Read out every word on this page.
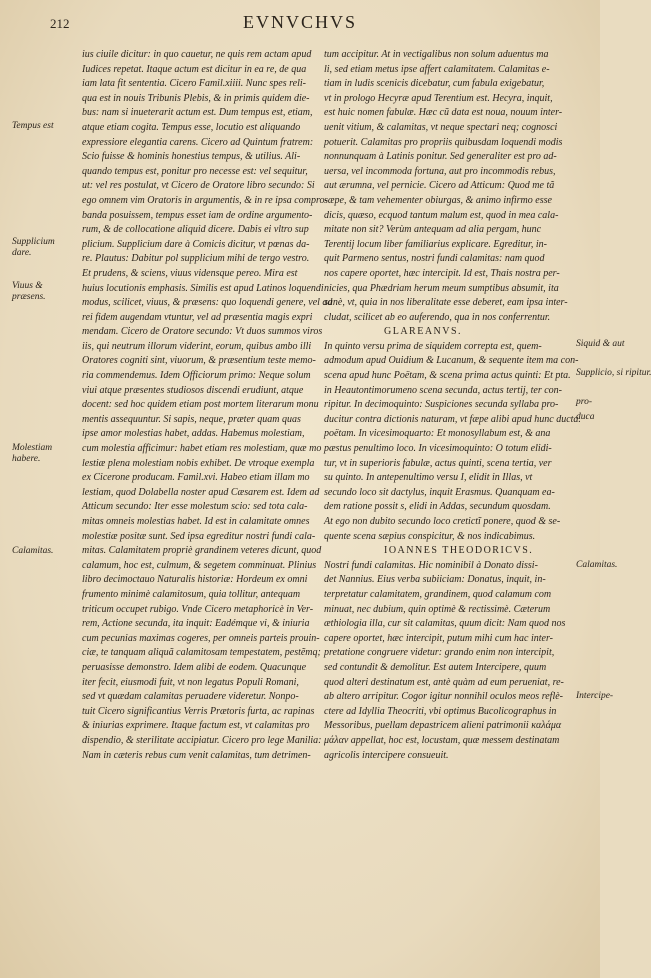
212	EVNVCHVS
Tempus est
Supplicium dare.
Viuus & præsens.
Molestiam habere.
Calamitas.
Siquid & aut
Supplicio, si ripitur.
pro-
duca
Calamitas.
Intercipe-
ius ciuile dicitur: in quo cauetur, ne quis rem actam apud
Iudices repetat. Itaque actum est dicitur in ea re, de qua
iam lata fit sententia. Cicero Famil.xiiii. Nunc spes reli-
qua est in nouis Tribunis Plebis, & in primis quidem die-
bus: nam si inueterarit actum est. Dum tempus est, etiam,
atque etiam cogita. Tempus esse, locutio est aliquando
expressiore elegantia carens. Cicero ad Quintum fratrem:
Scio fuisse & hominis honestius tempus, & utilius. Ali-
quando tempus est, ponitur pro necesse est: vel sequitur,
ut: vel res postulat, vt Cicero de Oratore libro secundo: Si
ego omnem vim Oratoris in argumentis, & in re ipsa compro-
banda posuissem, tempus esset iam de ordine argumento-
rum, & de collocatione aliquid dicere. Dabis ei vltro sup
plicium. Supplicium dare à Comicis dicitur, vt pœnas da-
re. Plautus: Dabitur pol supplicium mihi de tergo vestro.
Et prudens, & sciens, viuus vidensque pereo. Mira est
huius locutionis emphasis. Similis est apud Latinos loquendi
modus, scilicet, viuus, & præsens: quo loquendi genere, vel ad
rei fidem augendam vtuntur, vel ad præsentia magis expri
mendam. Cicero de Oratore secundo: Vt duos summos viros
iis, qui neutrum illorum viderint, eorum, quibus ambo illi
Oratores cogniti sint, viuorum, & præsentium teste memo-
ria commendemus. Idem Officiorum primo: Neque solum
viui atque præsentes studiosos discendi erudiunt, atque
docent: sed hoc quidem etiam post mortem literarum monu
mentis assequuntur. Si sapis, neque, præter quam quas
ipse amor molestias habet, addas. Habemus molestiam,
cum molestia afficimur: habet etiam res molestiam, quæ mo
lestiæ plena molestiam nobis exhibet. De vtroque exempla
ex Cicerone producam. Famil.xvi. Habeo etiam illam mo
lestiam, quod Dolabella noster apud Cæsarem est. Idem ad
Atticum secundo: Iter esse molestum scio: sed tota cala-
mitas omneis molestias habet. Id est in calamitate omnes
molestiæ positæ sunt. Sed ipsa egreditur nostri fundi cala-
mitas. Calamitatem propriè grandinem veteres dicunt, quod
calamum, hoc est, culmum, & segetem comminuat. Plinius
libro decimoctauo Naturalis historiæ: Hordeum ex omni
frumento minimè calamitosum, quia tollitur, antequam
triticum occupet rubigo. Vnde Cicero metaphoricè in Ver-
rem, Actione secunda, ita inquit: Eadémque vi, & iniuria
cum pecunias maximas cogeres, per omneis parteis prouin-
ciæ, te tanquam aliquã calamitosam tempestatem, pestẽmq;
peruasisse demonstro. Idem alibi de eodem. Quacunque
iter fecit, eiusmodi fuit, vt non legatus Populi Romani,
sed vt quædam calamitas peruadere videretur. Nonpo-
tuit Cicero significantius Verris Prætoris furta, ac rapinas
& iniurias exprimere. Itaque factum est, vt calamitas pro
dispendio, & sterilitate accipiatur. Cicero pro lege Manilia:
Nam in cæteris rebus cum venit calamitas, tum detrimen-
tum accipitur. At in vectigalibus non solum aduentus ma
li, sed etiam metus ipse affert calamitatem. Calamitas e-
tiam in ludis scenicis dicebatur, cum fabula exigebatur,
vt in prologo Hecyræ apud Terentium est. Hecyra, inquit,
est huic nomen fabulæ. Hæc cũ data est noua, nouum inter-
uenit vitium, & calamitas, vt neque spectari neq; cognosci
potuerit. Calamitas pro propriis quibusdam loquendi modis
nonnunquam à Latinis ponitur. Sed generaliter est pro ad-
uersa, vel incommoda fortuna, aut pro incommodis rebus,
aut ærumna, vel pernicie. Cicero ad Atticum: Quod me tã
sæpe, & tam vehementer obiurgas, & animo infirmo esse
dicis, quæso, ecquod tantum malum est, quod in mea cala-
mitate non sit? Verùm antequam ad alia pergam, hunc
Terentij locum liber familiarius explicare. Egreditur, in-
quit Parmeno sentus, nostri fundi calamitas: nam quod
nos capere oportet, hæc intercipit. Id est, Thais nostra per-
nicies, qua Phædriam herum meum sumptibus absumit, ita
sanè, vt, quia in nos liberalitate esse deberet, eam ipsa inter-
cludat, scilicet ab eo auferendo, qua in nos conferrentur.
GLAREANVS.
In quinto versu prima de siquidem correpta est, quem-
admodum apud Ouidium & Lucanum, & sequente item ma con-
scena apud hunc Poëtam, & scena prima actus quinti: Et pta.
in Heautontimorumeno scena secunda, actus tertij, ter con-
ripitur. In decimoquinto: Suspiciones secunda syllaba pro-
ducitur contra dictionis naturam, vt fæpe alibi apud hunc ducta.
poëtam. In vicesimoquarto: Et monosyllabum est, & ana
pæstus penultimo loco. In vicesimoquinto: O totum elidi-
tur, vt in superioris fabulæ, actus quinti, scena tertia, ver
su quinto. In antepenultimo versu I, elidit in Illas, vt
secundo loco sit dactylus, inquit Erasmus. Quanquam ea-
dem ratione possit s, elidi in Addas, secundum quosdam.
At ego non dubito secundo loco cretictĩ ponere, quod & se-
quente scena sæpius conspicitur, & nos indicabimus.
IOANNES THEODORICVS.
Nostri fundi calamitas. Hic nominibil à Donato dissi-
det Nannius. Eius verba subiiciam: Donatus, inquit, in-
terpretatur calamitatem, grandinem, quod calamum com
minuat, nec dubium, quin optimè & rectissimè. Cæterum
æthiologia illa, cur sit calamitas, quum dicit: Nam quod nos
capere oportet, hæc intercipit, putum mihi cum hac inter-
pretatione congruere videtur: grando enim non intercipit,
sed contundit & demolitur. Est autem Intercipere, quum
quod alteri destinatum est, antè quàm ad eum perueniat, re-
ab altero arripitur. Cogor igitur nonnihil oculos meos reflè-
ctere ad Idyllia Theocriti, vbi optimus Bucolicographus in
Messoribus, puellam depastricem alieni patrimonii καλάμα
μάλαν appellat, hoc est, locustam, quæ messem destinatam
agricolis intercipere consueuit.
